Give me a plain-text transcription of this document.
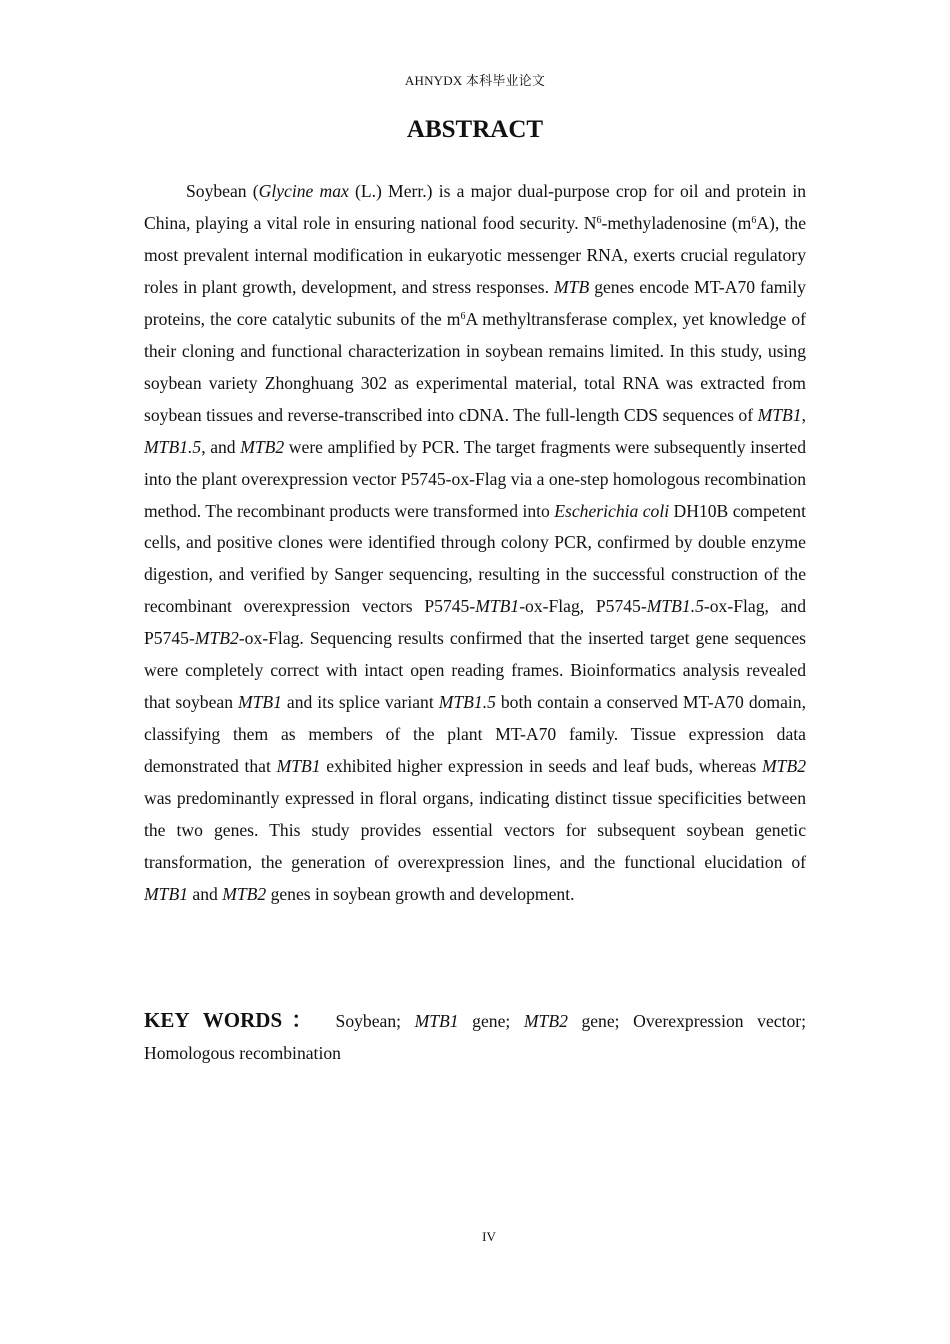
AHNYDX 本科毕业论文
ABSTRACT

Soybean (Glycine max (L.) Merr.) is a major dual-purpose crop for oil and protein in China, playing a vital role in ensuring national food security. $N^6$-methyladenosine $(m^6A)$, the most prevalent internal modification in eukaryotic messenger RNA, exerts crucial regulatory roles in plant growth, development, and stress responses. MTB genes encode MT-A70 family proteins, the core catalytic subunits of the $m^6A$ methyltransferase complex, yet knowledge of their cloning and functional characterization in soybean remains limited. In this study, using soybean variety Zhonghuang 302 as experimental material, total RNA was extracted from soybean tissues and reverse-transcribed into cDNA. The full-length CDS sequences of MTB1, MTB1.5, and MTB2 were amplified by PCR. The target fragments were subsequently inserted into the plant overexpression vector P5745-ox-Flag via a one-step homologous recombination method. The recombinant products were transformed into Escherichia coli DH10B competent cells, and positive clones were identified through colony PCR, confirmed by double enzyme digestion, and verified by Sanger sequencing, resulting in the successful construction of the recombinant overexpression vectors P5745-MTB1-ox-Flag, P5745-MTB1.5-ox-Flag, and P5745-MTB2-ox-Flag. Sequencing results confirmed that the inserted target gene sequences were completely correct with intact open reading frames. Bioinformatics analysis revealed that soybean MTB1 and its splice variant MTB1.5 both contain a conserved MT-A70 domain, classifying them as members of the plant MT-A70 family. Tissue expression data demonstrated that MTB1 exhibited higher expression in seeds and leaf buds, whereas MTB2 was predominantly expressed in floral organs, indicating distinct tissue specificities between the two genes. This study provides essential vectors for subsequent soybean genetic transformation, the generation of overexpression lines, and the functional elucidation of MTB1 and MTB2 genes in soybean growth and development.

KEY WORDS： Soybean; MTB1 gene; MTB2 gene; Overexpression vector; Homologous recombination

IV
